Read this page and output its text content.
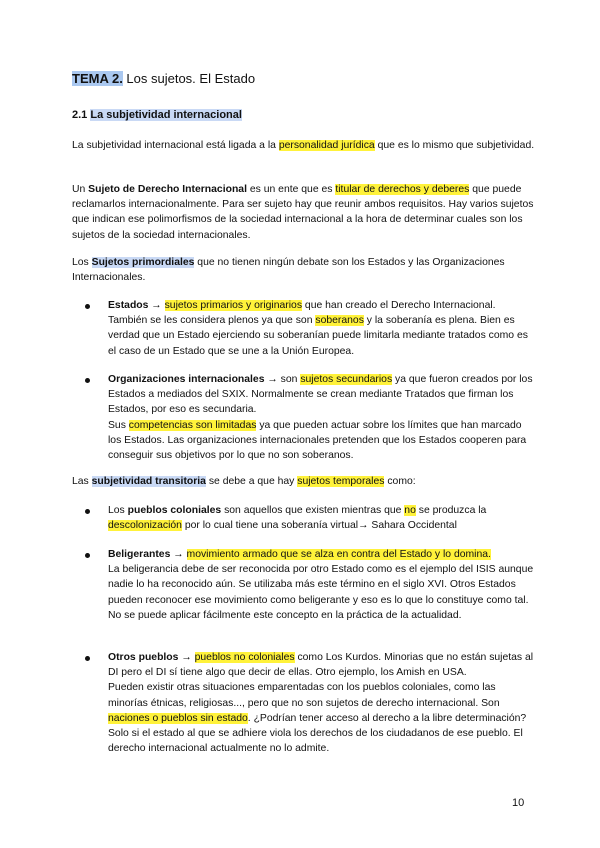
TEMA 2. Los sujetos. El Estado

2.1 La subjetividad internacional

La subjetividad internacional está ligada a la personalidad jurídica que es lo mismo que subjetividad.

Un Sujeto de Derecho Internacional es un ente que es titular de derechos y deberes que puede reclamarlos internacionalmente. Para ser sujeto hay que reunir ambos requisitos. Hay varios sujetos que indican ese polimorfismos de la sociedad internacional a la hora de determinar cuales son los sujetos de la sociedad internacionales.

Los Sujetos primordiales que no tienen ningún debate son los Estados y las Organizaciones Internacionales.

Estados → sujetos primarios y originarios que han creado el Derecho Internacional. También se les considera plenos ya que son soberanos y la soberanía es plena. Bien es verdad que un Estado ejerciendo su soberanían puede limitarla mediante tratados como es el caso de un Estado que se une a la Unión Europea.
Organizaciones internacionales → son sujetos secundarios ya que fueron creados por los Estados a mediados del SXIX. Normalmente se crean mediante Tratados que firman los Estados, por eso es secundaria.
Sus competencias son limitadas ya que pueden actuar sobre los límites que han marcado los Estados. Las organizaciones internacionales pretenden que los Estados cooperen para conseguir sus objetivos por lo que no son soberanos.

Las subjetividad transitoria se debe a que hay sujetos temporales como:

Los pueblos coloniales son aquellos que existen mientras que no se produzca la descolonización por lo cual tiene una soberanía virtual→ Sahara Occidental
Beligerantes → movimiento armado que se alza en contra del Estado y lo domina.
La beligerancia debe de ser reconocida por otro Estado como es el ejemplo del ISIS aunque nadie lo ha reconocido aún. Se utilizaba más este término en el siglo XVI. Otros Estados pueden reconocer ese movimiento como beligerante y eso es lo que lo constituye como tal. No se puede aplicar fácilmente este concepto en la práctica de la actualidad.
Otros pueblos → pueblos no coloniales como Los Kurdos. Minorias que no están sujetas al DI pero el DI sí tiene algo que decir de ellas. Otro ejemplo, los Amish en USA.
Pueden existir otras situaciones emparentadas con los pueblos coloniales, como las minorías étnicas, religiosas..., pero que no son sujetos de derecho internacional. Son naciones o pueblos sin estado. ¿Podrían tener acceso al derecho a la libre determinación? Solo si el estado al que se adhiere viola los derechos de los ciudadanos de ese pueblo. El derecho internacional actualmente no lo admite.
10
